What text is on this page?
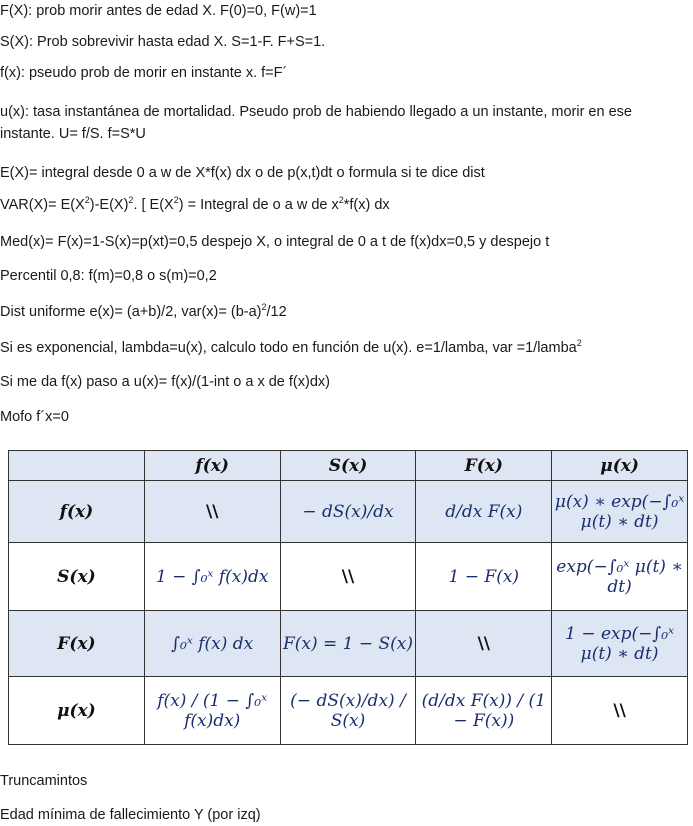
F(X): prob morir antes de edad X. F(0)=0, F(w)=1

S(X): Prob sobrevivir hasta edad X. S=1-F. F+S=1.

f(x): pseudo prob de morir en instante x. f=F´

u(x): tasa instantánea de mortalidad. Pseudo prob de habiendo llegado a un instante, morir en ese instante. U= f/S. f=S*U

E(X)= integral desde 0 a w de X*f(x) dx o de p(x,t)dt o formula si te dice dist

$VAR(X)= E(X^2)-E(X)^2$. [ $E(X^2)$ = Integral de o a w de $x^2*f(x)$ dx

Med(x)= F(x)=1-S(x)=p(xt)=0,5 despejo X, o integral de 0 a t de f(x)dx=0,5 y despejo t

Percentil 0,8: f(m)=0,8 o s(m)=0,2

Dist uniforme e(x)= (a+b)/2, $var(x)= (b-a)^2/12$

Si es exponencial, lambda=u(x), calculo todo en función de u(x). e=1/lamba, var =1/lamba$^2$

Si me da f(x) paso a u(x)= f(x)/(1-int o a x de f(x)dx)

Mofo f´x=0

	f(x)	S(x)	F(x)	μ(x)
f(x)	\\	− dS(x)/dx	d/dx F(x)	μ(x) ∗ exp(−∫₀ˣ μ(t) ∗ dt)
S(x)	1 − ∫₀ˣ f(x)dx	\\	1 − F(x)	exp(−∫₀ˣ μ(t) ∗ dt)
F(x)	∫₀ˣ f(x) dx	F(x) = 1 − S(x)	\\	1 − exp(−∫₀ˣ μ(t) ∗ dt)
μ(x)	f(x) / (1 − ∫₀ˣ f(x)dx)	(− dS(x)/dx) / S(x)	(d/dx F(x)) / (1 − F(x))	\\

Truncamintos

Edad mínima de fallecimiento Y (por izq)
